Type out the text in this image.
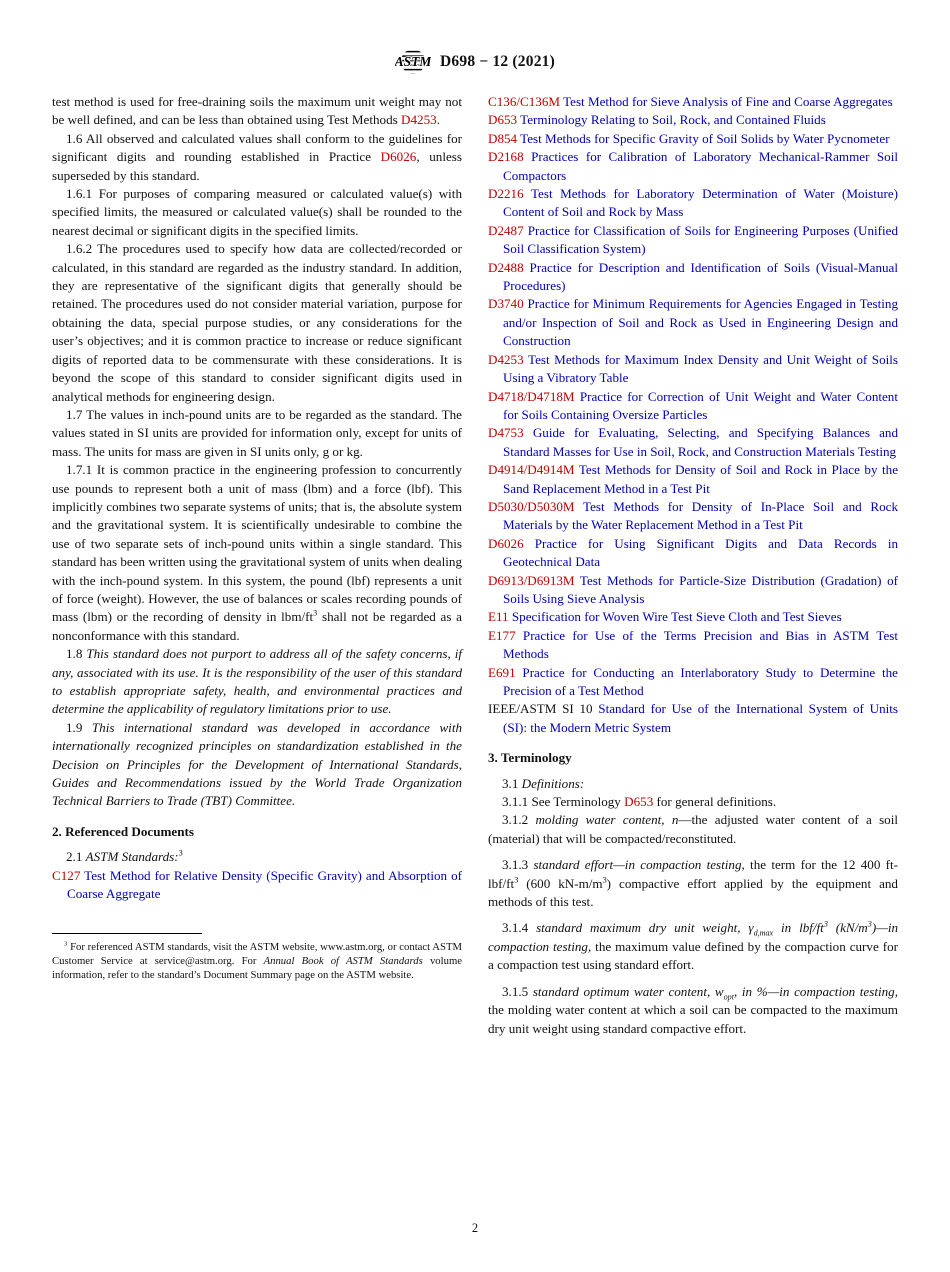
ASTM D698 − 12 (2021)

test method is used for free-draining soils the maximum unit weight may not be well defined, and can be less than obtained using Test Methods D4253.

1.6 All observed and calculated values shall conform to the guidelines for significant digits and rounding established in Practice D6026, unless superseded by this standard.

1.6.1 For purposes of comparing measured or calculated value(s) with specified limits, the measured or calculated value(s) shall be rounded to the nearest decimal or significant digits in the specified limits.

1.6.2 The procedures used to specify how data are collected/recorded or calculated, in this standard are regarded as the industry standard. In addition, they are representative of the significant digits that generally should be retained. The procedures used do not consider material variation, purpose for obtaining the data, special purpose studies, or any considerations for the user’s objectives; and it is common practice to increase or reduce significant digits of reported data to be commensurate with these considerations. It is beyond the scope of this standard to consider significant digits used in analytical methods for engineering design.

1.7 The values in inch-pound units are to be regarded as the standard. The values stated in SI units are provided for information only, except for units of mass. The units for mass are given in SI units only, g or kg.

1.7.1 It is common practice in the engineering profession to concurrently use pounds to represent both a unit of mass (lbm) and a force (lbf). This implicitly combines two separate systems of units; that is, the absolute system and the gravitational system. It is scientifically undesirable to combine the use of two separate sets of inch-pound units within a single standard. This standard has been written using the gravitational system of units when dealing with the inch-pound system. In this system, the pound (lbf) represents a unit of force (weight). However, the use of balances or scales recording pounds of mass (lbm) or the recording of density in lbm/$ft^3$ shall not be regarded as a nonconformance with this standard.

1.8 This standard does not purport to address all of the safety concerns, if any, associated with its use. It is the responsibility of the user of this standard to establish appropriate safety, health, and environmental practices and determine the applicability of regulatory limitations prior to use.

1.9 This international standard was developed in accordance with internationally recognized principles on standardization established in the Decision on Principles for the Development of International Standards, Guides and Recommendations issued by the World Trade Organization Technical Barriers to Trade (TBT) Committee.

2. Referenced Documents

2.1 ASTM Standards:$^3$

C127 Test Method for Relative Density (Specific Gravity) and Absorption of Coarse Aggregate

$^3$ For referenced ASTM standards, visit the ASTM website, www.astm.org, or contact ASTM Customer Service at service@astm.org. For Annual Book of ASTM Standards volume information, refer to the standard’s Document Summary page on the ASTM website.

C136/C136M Test Method for Sieve Analysis of Fine and Coarse Aggregates

D653 Terminology Relating to Soil, Rock, and Contained Fluids

D854 Test Methods for Specific Gravity of Soil Solids by Water Pycnometer

D2168 Practices for Calibration of Laboratory Mechanical-Rammer Soil Compactors

D2216 Test Methods for Laboratory Determination of Water (Moisture) Content of Soil and Rock by Mass

D2487 Practice for Classification of Soils for Engineering Purposes (Unified Soil Classification System)

D2488 Practice for Description and Identification of Soils (Visual-Manual Procedures)

D3740 Practice for Minimum Requirements for Agencies Engaged in Testing and/or Inspection of Soil and Rock as Used in Engineering Design and Construction

D4253 Test Methods for Maximum Index Density and Unit Weight of Soils Using a Vibratory Table

D4718/D4718M Practice for Correction of Unit Weight and Water Content for Soils Containing Oversize Particles

D4753 Guide for Evaluating, Selecting, and Specifying Balances and Standard Masses for Use in Soil, Rock, and Construction Materials Testing

D4914/D4914M Test Methods for Density of Soil and Rock in Place by the Sand Replacement Method in a Test Pit

D5030/D5030M Test Methods for Density of In-Place Soil and Rock Materials by the Water Replacement Method in a Test Pit

D6026 Practice for Using Significant Digits and Data Records in Geotechnical Data

D6913/D6913M Test Methods for Particle-Size Distribution (Gradation) of Soils Using Sieve Analysis

E11 Specification for Woven Wire Test Sieve Cloth and Test Sieves

E177 Practice for Use of the Terms Precision and Bias in ASTM Test Methods

E691 Practice for Conducting an Interlaboratory Study to Determine the Precision of a Test Method

IEEE/ASTM SI 10 Standard for Use of the International System of Units (SI): the Modern Metric System

3. Terminology

3.1 Definitions:

3.1.1 See Terminology D653 for general definitions.

3.1.2 molding water content, n—the adjusted water content of a soil (material) that will be compacted/reconstituted.

3.1.3 standard effort—in compaction testing, the term for the 12 400 $ft-lbf/ft^3$ (600 $kN-m/m^3$) compactive effort applied by the equipment and methods of this test.

3.1.4 standard maximum dry unit weight, $\gamma_{d,max}$ in lbf/$ft^3$ $(kN/m^3)—in$ compaction testing, the maximum value defined by the compaction curve for a compaction test using standard effort.

3.1.5 standard optimum water content, $w_{opt}$, in %—in compaction testing, the molding water content at which a soil can be compacted to the maximum dry unit weight using standard compactive effort.

2
